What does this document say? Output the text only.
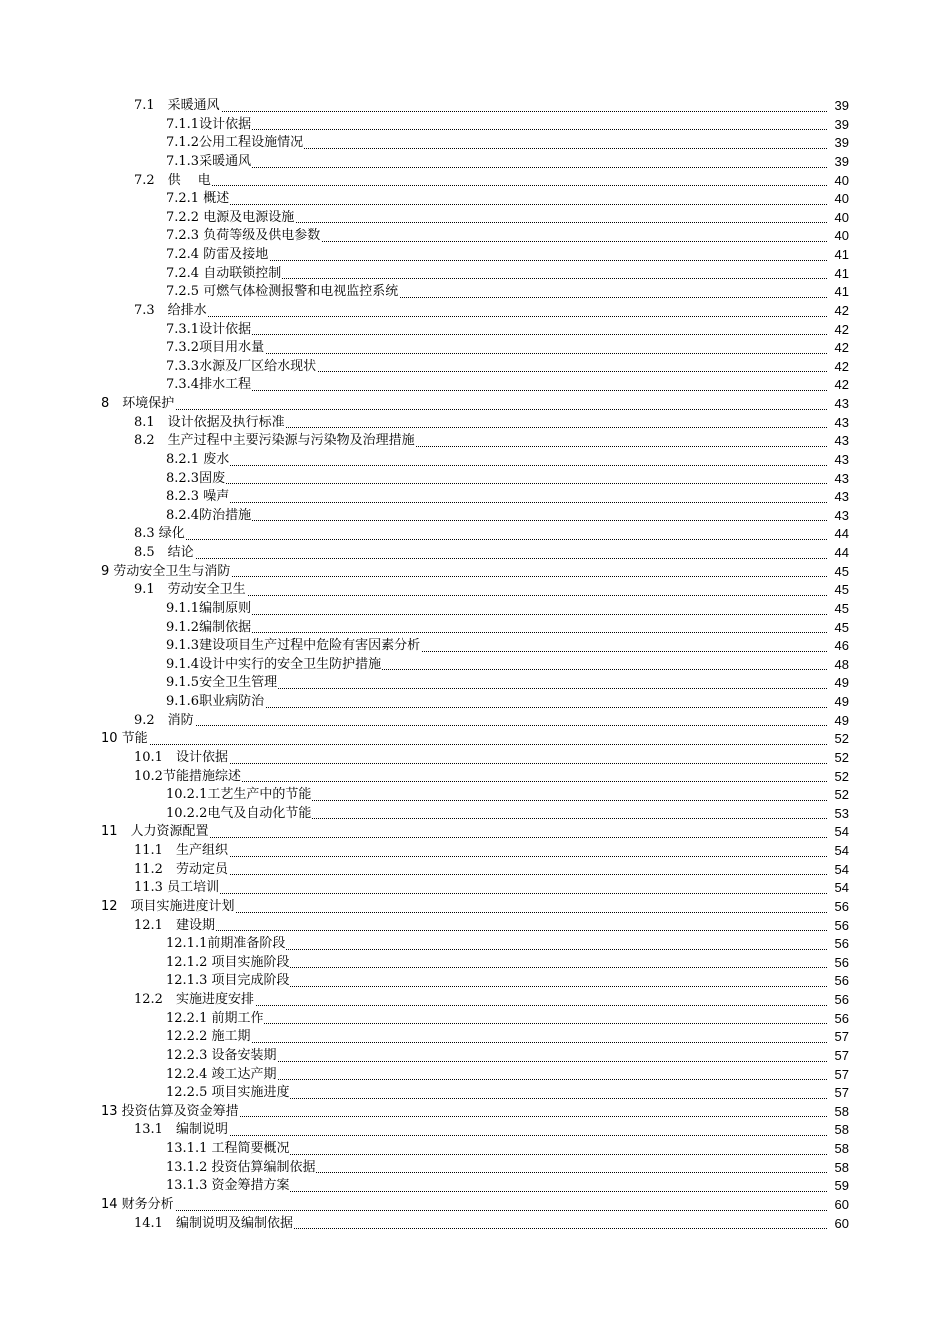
7.1　采暖通风	39
7.1.1设计依据	39
7.1.2公用工程设施情况	39
7.1.3采暖通风	39
7.2　供　 电	40
7.2.1 概述	40
7.2.2 电源及电源设施	40
7.2.3 负荷等级及供电参数	40
7.2.4 防雷及接地	41
7.2.4 自动联锁控制	41
7.2.5 可燃气体检测报警和电视监控系统	41
7.3　给排水	42
7.3.1设计依据	42
7.3.2项目用水量	42
7.3.3水源及厂区给水现状	42
7.3.4排水工程	42
8　环境保护	43
8.1　设计依据及执行标准	43
8.2　生产过程中主要污染源与污染物及治理措施	43
8.2.1 废水	43
8.2.3固废	43
8.2.3 噪声	43
8.2.4防治措施	43
8.3 绿化	44
8.5　结论	44
9 劳动安全卫生与消防	45
9.1　劳动安全卫生	45
9.1.1编制原则	45
9.1.2编制依据	45
9.1.3建设项目生产过程中危险有害因素分析	46
9.1.4设计中实行的安全卫生防护措施	48
9.1.5安全卫生管理	49
9.1.6职业病防治	49
9.2　消防	49
10 节能	52
10.1　设计依据	52
10.2节能措施综述	52
10.2.1工艺生产中的节能	52
10.2.2电气及自动化节能	53
11　人力资源配置	54
11.1　生产组织	54
11.2　劳动定员	54
11.3 员工培训	54
12　项目实施进度计划	56
12.1　建设期	56
12.1.1前期准备阶段	56
12.1.2 项目实施阶段	56
12.1.3 项目完成阶段	56
12.2　实施进度安排	56
12.2.1 前期工作	56
12.2.2 施工期	57
12.2.3 设备安装期	57
12.2.4 竣工达产期	57
12.2.5 项目实施进度	57
13 投资估算及资金筹措	58
13.1　编制说明	58
13.1.1 工程简要概况	58
13.1.2 投资估算编制依据	58
13.1.3 资金筹措方案	59
14 财务分析	60
14.1　编制说明及编制依据	60
